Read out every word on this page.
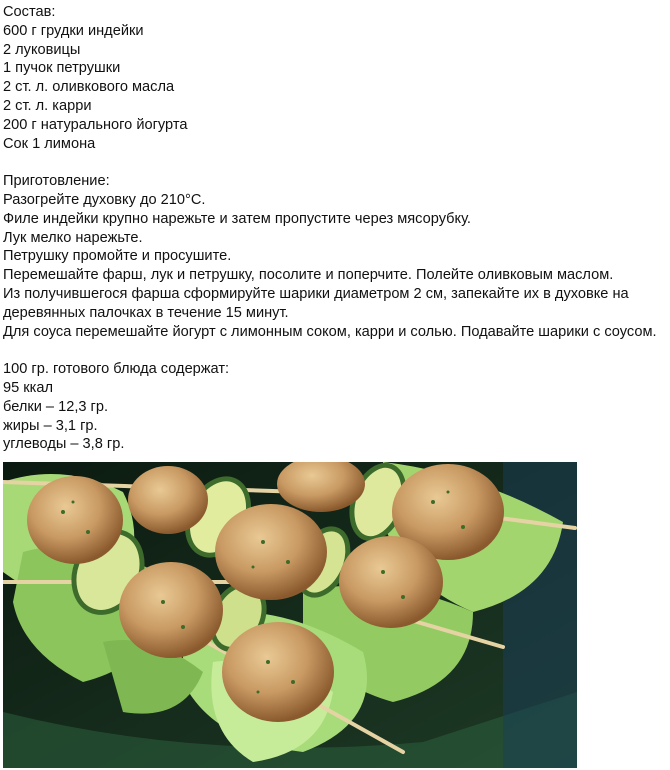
Состав:
600 г грудки индейки
2 луковицы
1 пучок петрушки
2 ст. л. оливкового масла
2 ст. л. карри
200 г натурального йогурта
Сок 1 лимона
Приготовление:
Разогрейте духовку до 210°С.
Филе индейки крупно нарежьте и затем пропустите через мясорубку.
Лук мелко нарежьте.
Петрушку промойте и просушите.
Перемешайте фарш, лук и петрушку, посолите и поперчите. Полейте оливковым маслом.
Из получившегося фарша сформируйте шарики диаметром 2 см, запекайте их в духовке на деревянных палочках в течение 15 минут.
Для соуса перемешайте йогурт с лимонным соком, карри и солью. Подавайте шарики с соусом.
100 гр. готового блюда содержат:
95 ккал
белки – 12,3 гр.
жиры – 3,1 гр.
углеводы – 3,8 гр.
